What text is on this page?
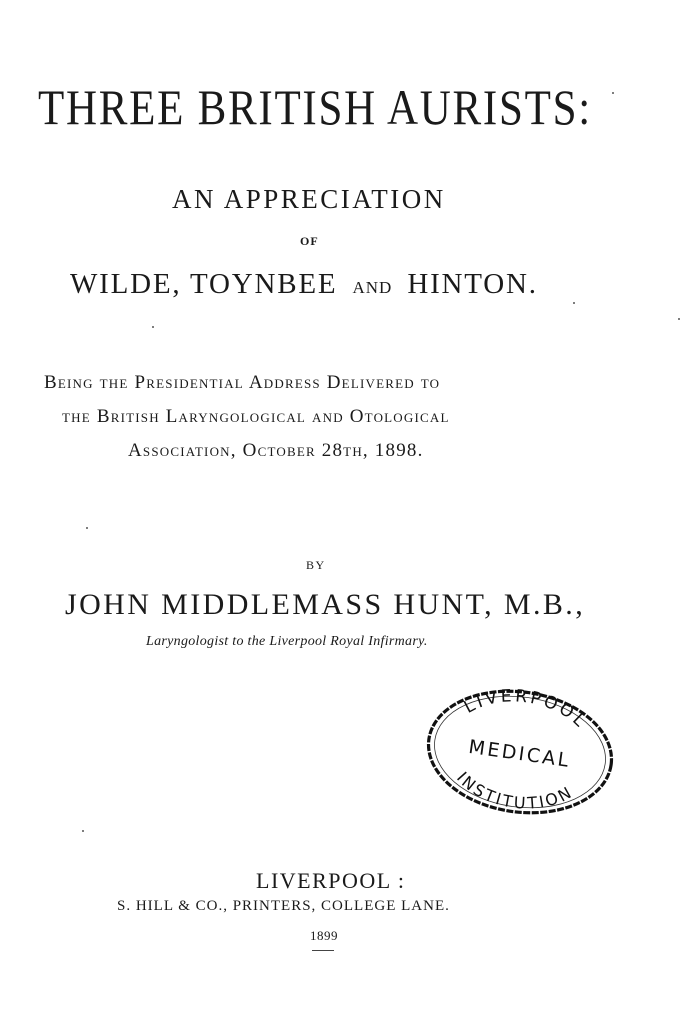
THREE BRITISH AURISTS:
AN APPRECIATION
OF
WILDE, TOYNBEE AND HINTON.
Being the Presidential Address Delivered to
the British Laryngological and Otological
Association, October 28th, 1898.
BY
JOHN MIDDLEMASS HUNT, M.B.,
Laryngologist to the Liverpool Royal Infirmary.
LIVERPOOL
MEDICAL
INSTITUTION
LIVERPOOL :
S. HILL & CO., PRINTERS, COLLEGE LANE.
1899
